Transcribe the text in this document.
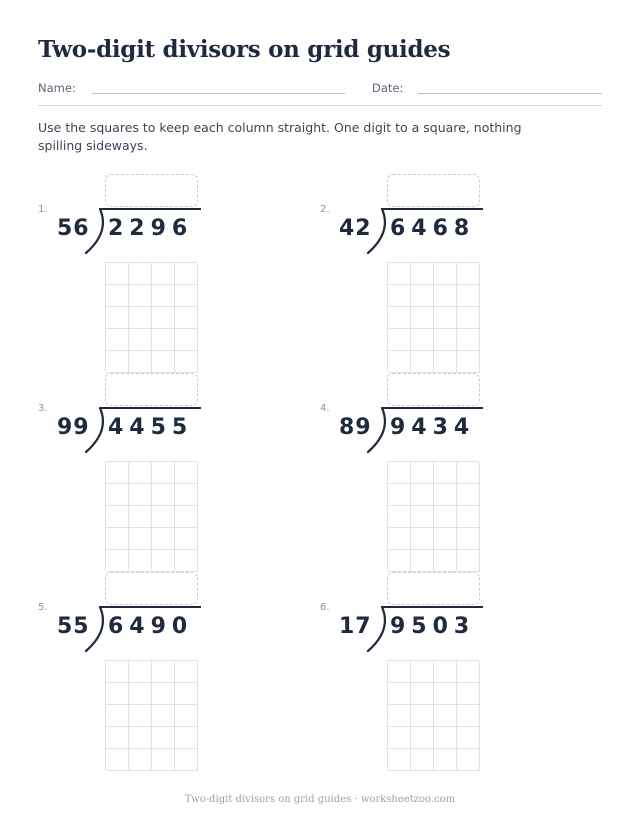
Two-digit divisors on grid guides
Name:	Date:
Use the squares to keep each column straight. One digit to a square, nothing spilling sideways.
1.
56 2296
2.
42 6468
3.
99 4455
4.
89 9434
5.
55 6490
6.
17 9503
Two-digit divisors on grid guides · worksheetzoo.com
